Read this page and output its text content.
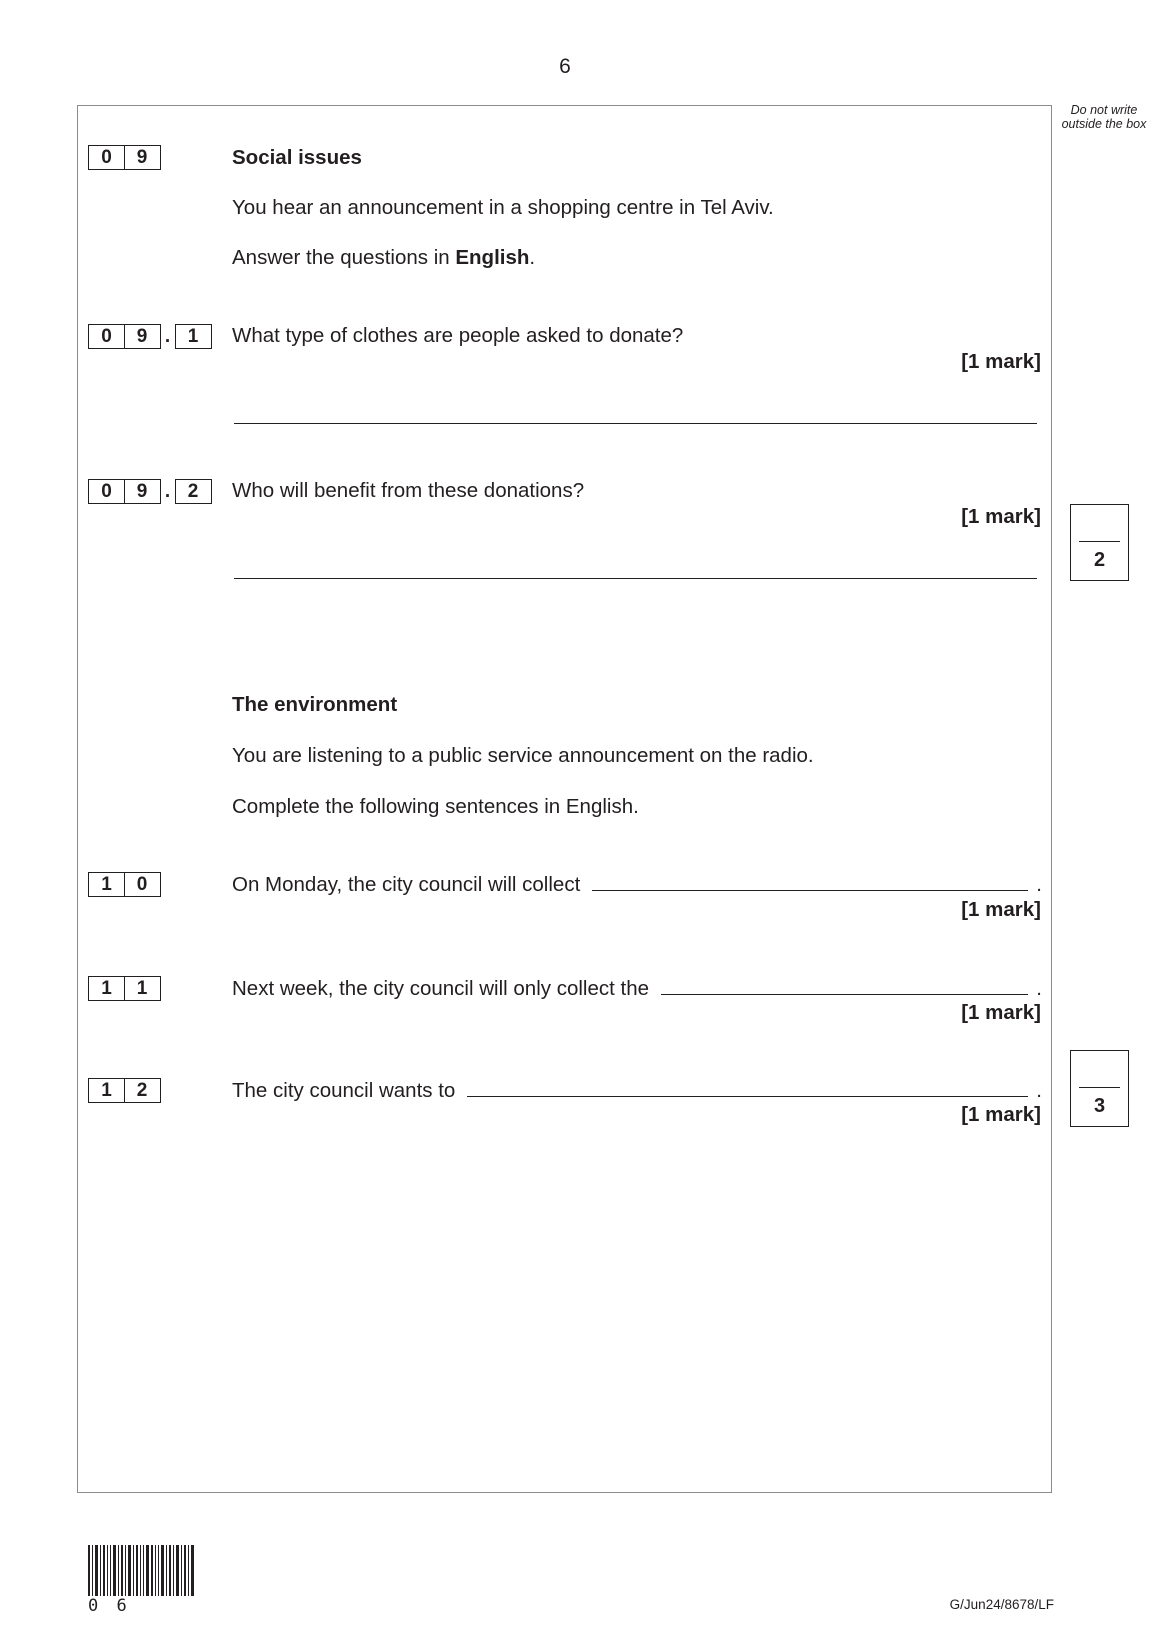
6
Do not write outside the box
0	9	Social issues
You hear an announcement in a shopping centre in Tel Aviv.
Answer the questions in English.
0	9 . 1	What type of clothes are people asked to donate?
[1 mark]
0	9 . 2	Who will benefit from these donations?
[1 mark]
2
The environment
You are listening to a public service announcement on the radio.
Complete the following sentences in English.
1	0	On Monday, the city council will collect	.
[1 mark]
1	1	Next week, the city council will only collect the	.
[1 mark]
1	2	The city council wants to	.
[1 mark]	3
0 6	G/Jun24/8678/LF
